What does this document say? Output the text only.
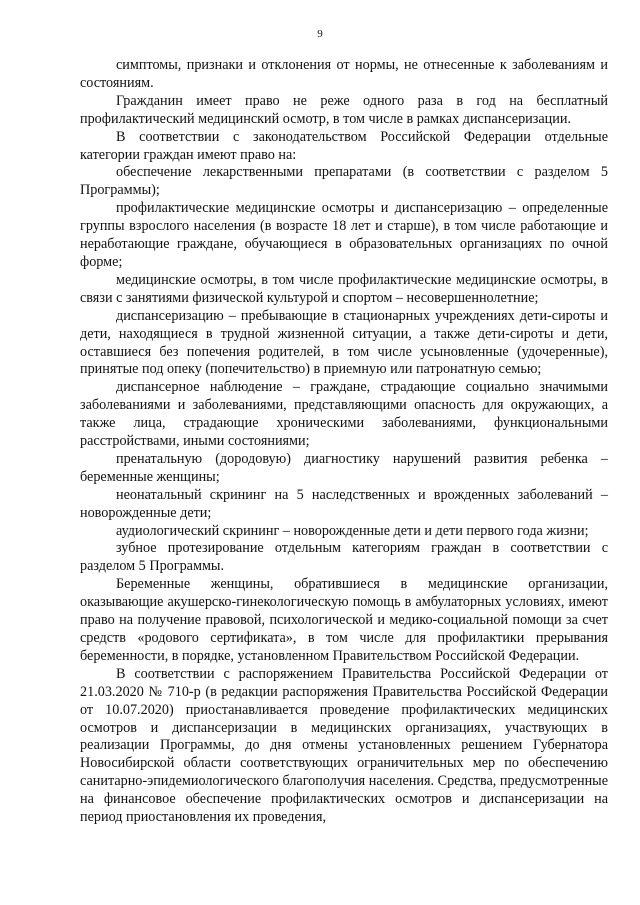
9

симптомы, признаки и отклонения от нормы, не отнесенные к заболеваниям и состояниям.

Гражданин имеет право не реже одного раза в год на бесплатный профилактический медицинский осмотр, в том числе в рамках диспансеризации.

В соответствии с законодательством Российской Федерации отдельные категории граждан имеют право на:

обеспечение лекарственными препаратами (в соответствии с разделом 5 Программы);

профилактические медицинские осмотры и диспансеризацию – определенные группы взрослого населения (в возрасте 18 лет и старше), в том числе работающие и неработающие граждане, обучающиеся в образовательных организациях по очной форме;

медицинские осмотры, в том числе профилактические медицинские осмотры, в связи с занятиями физической культурой и спортом – несовершеннолетние;

диспансеризацию – пребывающие в стационарных учреждениях дети-сироты и дети, находящиеся в трудной жизненной ситуации, а также дети-сироты и дети, оставшиеся без попечения родителей, в том числе усыновленные (удочеренные), принятые под опеку (попечительство) в приемную или патронатную семью;

диспансерное наблюдение – граждане, страдающие социально значимыми заболеваниями и заболеваниями, представляющими опасность для окружающих, а также лица, страдающие хроническими заболеваниями, функциональными расстройствами, иными состояниями;

пренатальную (дородовую) диагностику нарушений развития ребенка – беременные женщины;

неонатальный скрининг на 5 наследственных и врожденных заболеваний – новорожденные дети;

аудиологический скрининг – новорожденные дети и дети первого года жизни;

зубное протезирование отдельным категориям граждан в соответствии с разделом 5 Программы.

Беременные женщины, обратившиеся в медицинские организации, оказывающие акушерско-гинекологическую помощь в амбулаторных условиях, имеют право на получение правовой, психологической и медико-социальной помощи за счет средств «родового сертификата», в том числе для профилактики прерывания беременности, в порядке, установленном Правительством Российской Федерации.

В соответствии с распоряжением Правительства Российской Федерации от 21.03.2020 № 710-р (в редакции распоряжения Правительства Российской Федерации от 10.07.2020) приостанавливается проведение профилактических медицинских осмотров и диспансеризации в медицинских организациях, участвующих в реализации Программы, до дня отмены установленных решением Губернатора Новосибирской области соответствующих ограничительных мер по обеспечению санитарно-эпидемиологического благополучия населения. Средства, предусмотренные на финансовое обеспечение профилактических осмотров и диспансеризации на период приостановления их проведения,
